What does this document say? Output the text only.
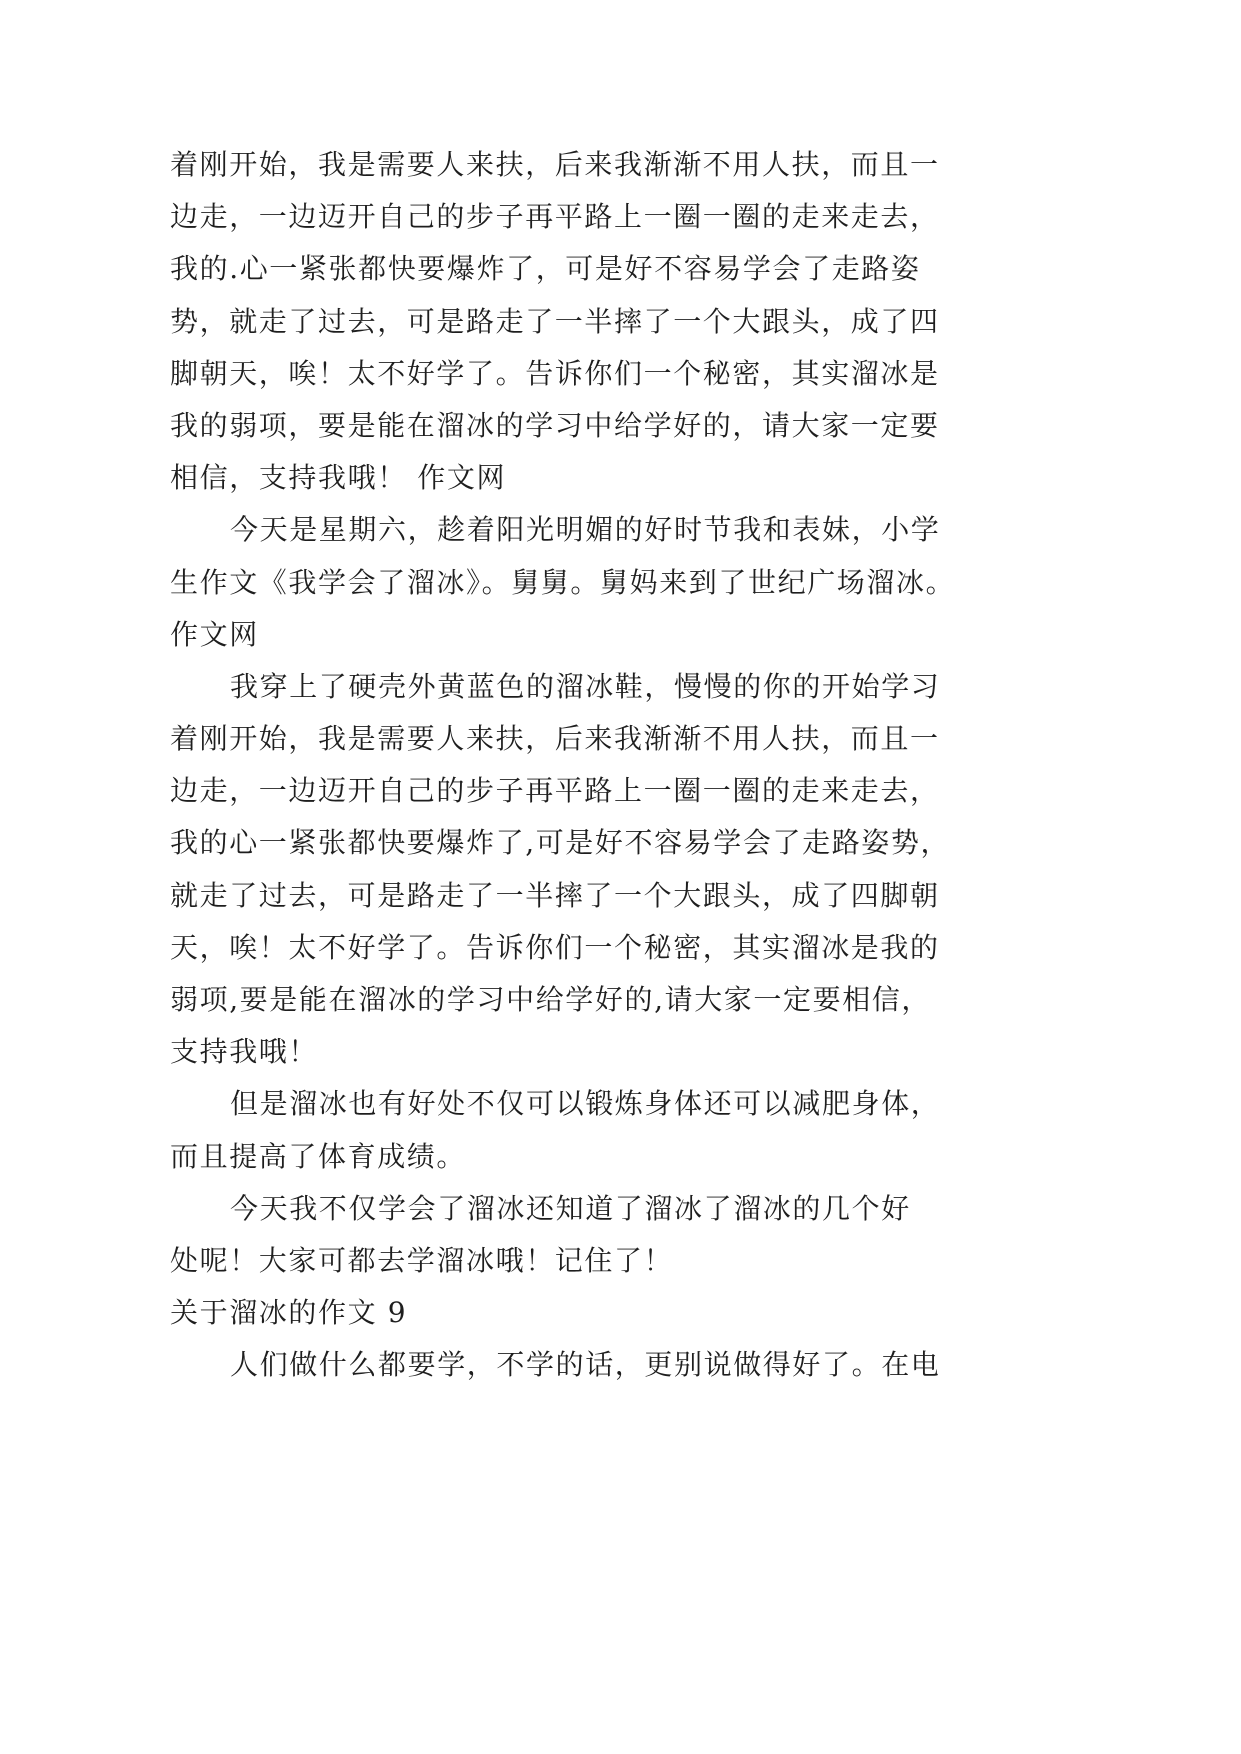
着刚开始，我是需要人来扶，后来我渐渐不用人扶，而且一
边走，一边迈开自己的步子再平路上一圈一圈的走来走去，
我的.心一紧张都快要爆炸了，可是好不容易学会了走路姿
势，就走了过去，可是路走了一半摔了一个大跟头，成了四
脚朝天，唉！太不好学了。告诉你们一个秘密，其实溜冰是
我的弱项，要是能在溜冰的学习中给学好的，请大家一定要
相信，支持我哦！ 作文网
今天是星期六，趁着阳光明媚的好时节我和表妹，小学
生作文《我学会了溜冰》。舅舅。舅妈来到了世纪广场溜冰。
作文网
我穿上了硬壳外黄蓝色的溜冰鞋，慢慢的你的开始学习
着刚开始，我是需要人来扶，后来我渐渐不用人扶，而且一
边走，一边迈开自己的步子再平路上一圈一圈的走来走去，
我的心一紧张都快要爆炸了,可是好不容易学会了走路姿势，
就走了过去，可是路走了一半摔了一个大跟头，成了四脚朝
天，唉！太不好学了。告诉你们一个秘密，其实溜冰是我的
弱项,要是能在溜冰的学习中给学好的,请大家一定要相信，
支持我哦！
但是溜冰也有好处不仅可以锻炼身体还可以减肥身体，
而且提高了体育成绩。
今天我不仅学会了溜冰还知道了溜冰了溜冰的几个好
处呢！大家可都去学溜冰哦！记住了！
关于溜冰的作文 9
人们做什么都要学，不学的话，更别说做得好了。在电
